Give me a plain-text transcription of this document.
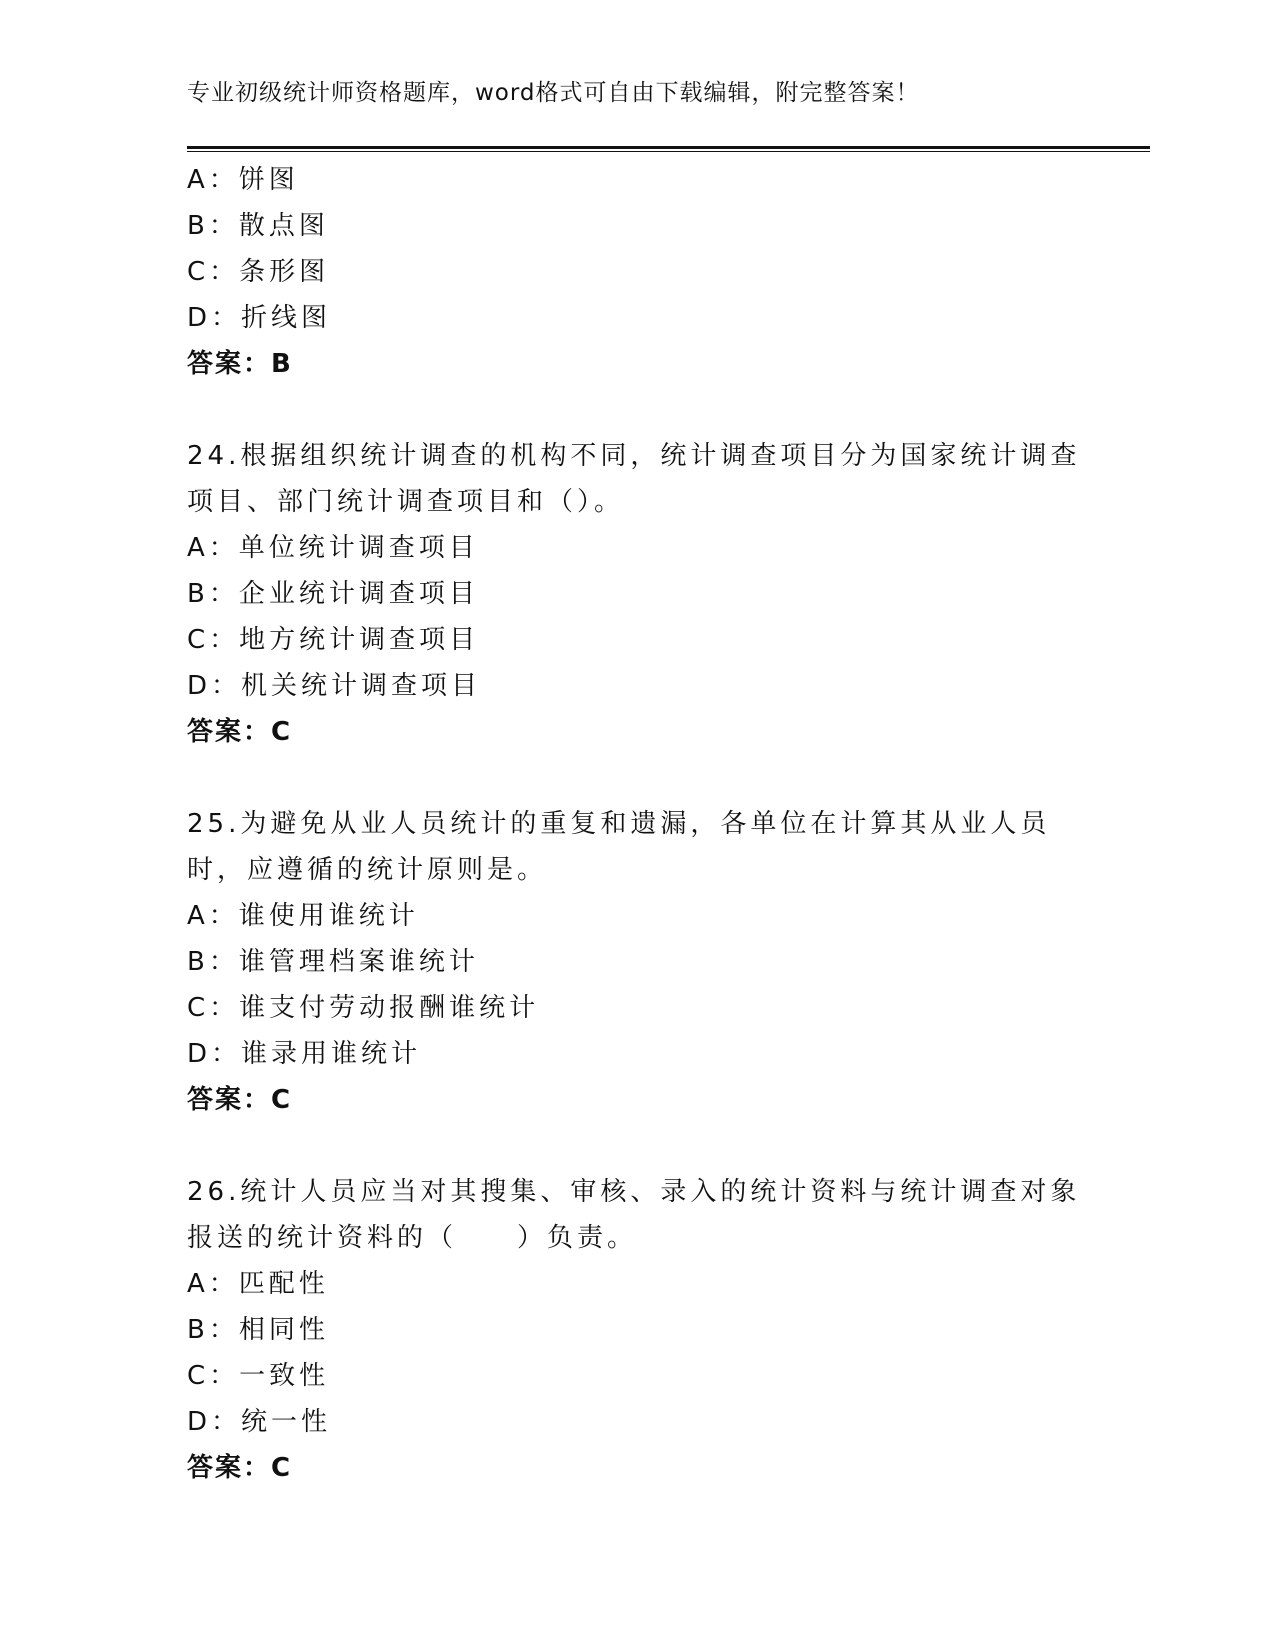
专业初级统计师资格题库，word格式可自由下载编辑，附完整答案！
A：饼图
B：散点图
C：条形图
D：折线图
答案：B
24.根据组织统计调查的机构不同，统计调查项目分为国家统计调查项目、部门统计调查项目和（）。
A：单位统计调查项目
B：企业统计调查项目
C：地方统计调查项目
D：机关统计调查项目
答案：C
25.为避免从业人员统计的重复和遗漏，各单位在计算其从业人员时，应遵循的统计原则是。
A：谁使用谁统计
B：谁管理档案谁统计
C：谁支付劳动报酬谁统计
D：谁录用谁统计
答案：C
26.统计人员应当对其搜集、审核、录入的统计资料与统计调查对象报送的统计资料的（　　）负责。
A：匹配性
B：相同性
C：一致性
D：统一性
答案：C
